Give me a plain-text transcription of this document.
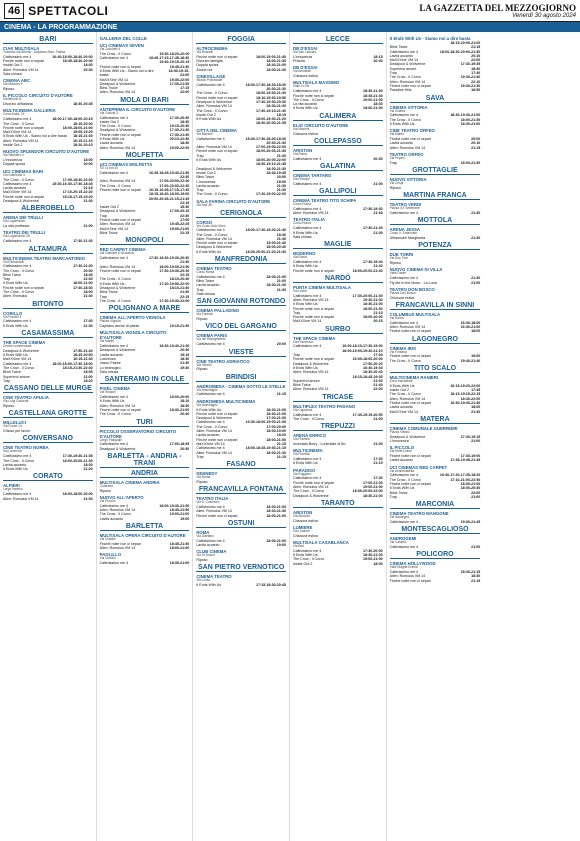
46 SPETTACOLI	LA GAZZETTA DEL MEZZOGIORNO
Venerdì 30 agosto 2024
CINEMA - LA PROGRAMMAZIONE
BARI
CIAK MULTISALA
Traversa via Bitonto - Ampiamo Bari, Palese
Cattivissimo me 4	16:40-18:00-18:40-20:00
Finché notte non ci separi	18:45-18:40-20:40
Inside Out 2	18:30
Alien: Romulus VM 14	20:30
Sala chiusa
CINEMA ABC
Via Marconi 8
Riposo
IL PICCOLO CIRCUITO D'AUTORE
Via Bitonto 8
Divorzio all'italiana	18:30-20:45
MULTICINEMA GALLERIA
Corso Italia, 15
Cattivissimo me 4	18:00-17:30-18:00-20:15
The Crow - Il Corvo	18:15-20:30
Finché notte non ci separi	18:00-18:00-21:00
MaXXXine VM 14	19:05-19:25
It Ends With Us - Siamo noi a dire basta 18:15-21:30
Alien: Romulus VM 14	16:15-21:15
Inside Out 2	18:20-20:10
NUOVO SPLENDOR CIRCUITO D'AUTORE
Via Sabotino 4
L'innocenza	18:00
Doppia sposa	20:00
UCI CINEMAS BARI
Via Giannone 4
The Crow - Il Corvo	17:05-18:30-22:30
Cattivissimo me 4	15:30-16:30-17:30-18:45
Lavita accanto	21:15
MaXXXine VM 14	17:10-20:15-22:20
Finché notte non ci separi	15:18-17:15-19:20
Deadpool & Wolverine	21:30
ALBEROBELLO
ARENA DEI TRULLI
Via Lugomarino
La vita professor	21:00
TEATRO DEI TRULLI
Via Lugomarino 28
Cattivissimo me 4	17:30-21:30
ALTAMURA
MULTICINEMA TEATRO MARCANTONIO
Via Ricciardelli
Cattivissimo me 4	17:30-21:30
The Crow - Il Corvo	20:30
Blink Twice	18:45
Trap	21:30
It Ends With Us	18:00-21:00
Finché notte non ci separi	17:40-18:30
The Crow - Il Corvo	18:00
Alien: Romulus	21:30
BITONTO
CORILLO
Via Planelli 4
Cattivissimo me 4	17:30
It Ends With Us	21:30
CASAMASSIMA
THE SPACE CINEMA
Centro commerciale
Deadpool & Wolverine	17:50-21:40
It Ends With Us	18:45-20:50
MaXXXine VM 14	16:15-21:30
Cattivissimo me 4	18:00-18:00-17:30-18:00
The Crow - Il Corvo	18:15-21:30-22:30
Blink Twice	18:35
Supereroi amore	21:00
Trap	18:20
CASSANO DELLE MURGE
CINE TEATRO APULIA
Via Luigi Cadorna
Riposo
CASTELLANA GROTTE
MILLELUCI
Via Fiume 14
Chiuso per lavori
CONVERSANO
CINE TEATRO NORBA
Via Lavenuta
Cattivissimo me 4	17:30-19:40-21:35
The Crow - Il Corvo	18:00-20:00-21:30
Lavita accanto	18:30
It Ends With Us	21:20
CORATO
ALFIERI
Largo Imperio
Cattivissimo me 4	18:00-18:00-20:00
Alien: Romulus VM 14	21:30
GALLERIA DEL COLLE
UCI CINEMAS SEVEN
Via Zucchelli 4
The Crow - Il Corvo	19:30-18:20-22:00
Cattivissimo me 4	18:45-17:15-17:45-18:30
19:30-19:15-20:15
Finché notte non ci separi	18:45-21:30
It Ends With Us - Siamo noi a dire basta
18:30-19:15-22:00
MaXXXine VM 14	19:30-22:00
Deadpool & Wolverine	17:30-21:30
Blink Twice	17:15
Alien: Romulus VM 14	22:00
MOLA DI BARI
ANTEPRIMA IL CIRCUITO D'AUTORE
Via Gorizia 3
Cattivissimo me 4	17:30-20:30
Inside Out 2	18:30
The Crow - Il Corvo	19:15-20:30
Deadpool & Wolverine	17:30-21:30
Finché notte non ci separi	17:30-21:30
It Ends With Us	20:10-22:30
Lavita accanto	18:30
Alien: Romulus VM 14	19:00-22:00
MOLFETTA
UCI CINEMAS MOLFETTA
SS 16 km 45
Cattivissimo me 4	16:45-18:45-19:40-21:30
22:30
Alien: Romulus VM 14	17:00-20:00-22:40
The Crow - Il Corvo	17:00-20:00-22:30
Finché notte non ci separi 16:15-16:45-17:15-17:45
18:15-18:30-18:00-19:00
20:00-20:45-21:15-21:45
22:15
Inside Out 2	15:30
Deadpool & Wolverine	17:00-20:15
Trap	22:30
Finché notte non ci separi	17:00
Alien: Romulus VM 14	19:45-22:25
MaXXXine VM 14	19:00-21:00
Blink Twice	22:15
MONOPOLI
RED CARPET CINEMA
Via Gabriele D'Annunzio
Cattivissimo me 4	17:30-18:30-19:30-20:30
21:30
Alien: Romulus VM 14	18:00-19:00-21:50
Finché notte non ci separi	17:30-19:30-20:30
22:15
The Crow - Il Corvo	18:10-20:40
It Ends With Us	17:20-19:50-22:00
Deadpool & Wolverine	18:10-21:30
Blink Twice	21:30
Trap	22:15
The Crow - Il Corvo	17:30-19:30-22:00
POLIGNANO A MARE
CINEMA ALL'APERTO VIGNOLA
Piazza Vignola
Capitano anche di paese	19:15-21:30
MULTISALA VIGNOLA CIRCUITO D'AUTORE
Via Martiri
Cattivissimo me 4	18:30-19:40-21:30
Deadpool & Wolverine	20:30
Lavita accanto	19:15
Lutorenza	18:30
Vasco Paese	21:30
Lo stranogiro	19:30
Sala chiusa
SANTERAMO IN COLLE
PIXEL CINEMA
Via Rossini
Cattivissimo me 4	18:00-20:00
It Ends With Us	18:10
Alien: Romulus VM 14	18:30
Finché notte non ci separi	18:30-21:00
The Crow - Il Corvo	20:40
TURI
PICCOLO OSSERVATORIO CIRCUITO D'AUTORE
Largo Pasquale
Cattivissimo me 4	17:00-18:45
Deadpool & Wolverine	20:30
BARLETTA - ANDRIA - TRANI
ANDRIA
MULTISALA CINEMA ANDRIA
Contrada
Riposo
NUOVO ALL'APERTO
Via Puccini
Cattivissimo me 4	18:00-19:30-21:50
Alien: Romulus VM 14	18:45-21:50
The Crow - Il Corvo	19:00-21:00
Lavita accanto	19:00
BARLETTA
MULTISALA OPERA CIRCUITO D'AUTORE
Via Cialdini
Finché notte non ci separi	18:45-21:30
Alien: Romulus VM 14	18:00-21:00
PAOLILLO
Via Cialdini
Cattivissimo me 4	18:30-21:00
FOGGIA
ALTROCINEMA
Via Ruscelli
Finché notte non ci separi	18:00-19:00-21:40
Divorzio famiglia	18:00-21:30
Doppia sposa	18:40-21:00
Anche noi	18:00-21:30
CINEVILLAGE
Strada Provinciale
Cattivissimo me 4	18:30-17:30-18:30-18:30
20:30-21:30
The Crow - Il Corvo	18:00-19:30-21:30
Finché notte non ci separi	18:10-19:30-19:50
Deadpool & Wolverine	17:40-19:30-20:30
Alien: Romulus VM 14	18:30-21:30
The Crow - Il Corvo	17:30-19:15-21:40
Inside Out 2	18:15
It Ends With Us	18:00-19:30-21:20
18:30-20:00-21:35
CITTÀ DEL CINEMA
Via Mazzini
Cattivissimo me 4	18:30-17:30-18:30-18:30
20:30-21:30
Alien: Romulus VM 14	17:00-19:00-22:00
Finché notte non ci separi	18:00-20:00-21:30
Trap	21:30
It Ends With Us	18:00-20:00-22:00
18:30-19:10-21:45
Deadpool & Wolverine	18:30-21:30
Inside Out 2	18:40-19:45
Blink Twice	20:50
L'innocenza	18:00
Lavita accanto	21:30
Trap	21:30
The Crow - Il Corvo	17:20-19:00-22:00
SALA FARINA CIRCUITO D'AUTORE
Via Arpi 38
CERIGNOLA
CORSO
Via Corso Aldo Moro
Cattivissimo me 4	18:00-17:40-19:40-21:40
The Crow - Il Corvo	18:30
Alien: Romulus VM 14	21:40
Finché notte non ci separi	19:00-21:40
Deadpool & Wolverine	18:00-20:40
It Ends With Us	18:30-20:00-21:20-21:40
MANFREDONIA
CINEMA TEATRO
Corso Roma
Cattivissimo me 4	18:00-21:00
Blink Twice	21:00
Lavita accanto	18:30-21:30
Trap	21:30
Sala chiusa
SAN GIOVANNI ROTONDO
CINEMA PALLADINO
Via Foresta
Riposo
VICO DEL GARGANO
CINEMA PARIS
Via del Risorgimento
Cattivissimo me 4	20:00
VIESTE
CINE TEATRO ADRIATICO
Via Veneto
Riposo
BRINDISI
ANDROMEDA - CINEMA SOTTO LE STELLE
Via Ammiraglio
Cattivissimo me 4	21:15
ANDROMEDA MULTICINEMA
Via Ammiraglio
It Ends With Us	18:30-21:00
Finché notte non ci separi	18:30-21:00
Deadpool & Wolverine	17:00-21:00
Cattivissimo me 4	16:30-18:00-19:00-21:30
The Crow - Il Corvo	17:00-20:00
Alien: Romulus VM 14	18:00-19:00
Lavita accanto	18:20
Finché notte non ci separi	18:00-21:00
MaXXXine VM 14	21:15
Cattivissimo me 4	18:00-18:45-19:30-21:15
Alien: Romulus VM 14	18:00-21:30
Trap	21:15
FASANO
KENNEDY
Via Roma
Riposo
FRANCAVILLA FONTANA
TEATRO ITALIA
Via S. Cristoforo
Cattivissimo me 4	18:00-21:00
Alien: Romulus VM 14	18:30-21:30
Finché notte non ci separi	18:00-21:00
OSTUNI
ROMA
Via Gaetano
Cattivissimo me 4	18:00-21:00
Lavita accanto	19:00
CLUB CINEMA
Via Di Nuzzo
Riposo
SAN PIETRO VERNOTICO
CINEMA TEATRO
Via Corso
It Ends With Us	17:15-18:30-20:45
LECCE
DB D'ESSAI
Via San Lazzaro
L'innocenza	18:15
Prisulla	20:30
DB D'ESSAI
Via Ammirati
Chiusura estiva
MULTISALA MASSIMO
Viale Lo Re
Cattivissimo me 4	18:30-21:30
Finché notte non ci separi	18:45-21:30
The Crow - Il Corvo	19:00-21:00
La vita accanto	18:30
It Ends With Us	18:00-21:00
CALIMERA
ELIO CIRCUITO D'AUTORE
Via Mazzini
Chiusura estiva
COLLEPASSO
ARISTON
Via Roma
Cattivissimo me 4	20:30
GALATINA
CINEMA TARTARO
Via Principe
Cattivissimo me 4	21:00
GALLIPOLI
CINEMA TEATRO TITO SCHIPA
Corso Roma
Cattivissimo me 4	17:30-19:30
Alien: Romulus VM 14	21:30
TEATRO ITALIA
Corso Roma
Cattivissimo me 4	17:30-21:45
It Ends With Us	21:00
Sala chiusa
MAGLIE
MODERNO
Via Roma
Cattivissimo me 4	17:40-19:40
It Ends With Us	21:40
Finché notte non ci separi	18:00-20:00-21:40
NARDÒ
PUNTA CINEMA MULTISALA
Via Lecce
Cattivissimo me 4	17:30-20:00-21:30
Alien: Romulus VM 14	19:30-21:30
It Ends With Us	18:30-21:00
Finché notte non ci separi	18:00-21:30
Trap	21:15
Finché notte non ci separi	18:00-20:00
MaXXXine VM 14	20:15
SURBO
THE SPACE CINEMA
Via Francesco
Cattivissimo me 4	16:00-18:10-17:30-19:30
18:00-19:00-19:40-21:10
Trap	17:30
Finché notte non ci separi	16:00-18:00-20:00
Deadpool & Wolverine	17:50-20:20
It Ends With Us	16:40-19:30
Alien: Romulus VM 14	18:30-20:40
18:15-18:45-19:30
Supereroi amore	21:00
Blink Twice	21:40
Alien: Romulus VM 14	22:00
TRICASE
MULTIPLEX TEATRO PADANO
Via Caprarica
Cattivissimo me 4	17:40-19:15-20:50
The Crow - Il Corvo	21:00
TREPUZZI
ARENA ENRICO
Via Piavella
Inventato Borry - Lorientale di Bo	21:00
MULTICINEMA
Via Piavella
Cattivissimo me 4	17:30
It Ends With Us	21:15
PARADISO
Via Ruggiero
Cattivissimo me 4	17:30
Finché notte non ci separi	17:00-21:30
Alien: Romulus VM 14	19:00-21:00
The Crow - Il Corvo	18:00-20:00-22:00
Deadpool & Wolverine	18:30-21:00
TARANTO
ARISTON
Via Abruzzo
Chiusura estiva
LUMIERE
Via Lucania
Chiusura estiva
MULTISALA CASABLANCA
Via Bari
Cattivissimo me 4	17:30-20:00
It Ends With Us	18:30-21:30
The Crow - Il Corvo	19:00-21:00
Inside Out 2	18:00
It Ends With Us - Siamo noi a dire basta
18:15-20:00-21:00
Blink Twice	21:15
Cattivissimo me 4	18:00-18:30-20:00-21:30
Lavita accanto	20:10
MaXXXine VM 14	22:00
Deadpool & Wolverine	17:30-19:35
Supereroi amore	18:30
Trap	17:30
The Crow - Il Corvo	19:30-21:30
Alien: Romulus VM 14	22:10
Finché notte non ci separi	19:30-21:30
Paradise Hills	18:50
SAVA
CINEMA VITTORIA
Via Sciarra
Cattivissimo me 4	18:30-19:30-21:00
The Crow - Il Corvo	18:00-21:30
It Ends With Us	18:30-21:00
CINE TEATRO ORFEO
Via Martiri
Finché notte non ci separi	20:00
Lavita accanto	20:10
Alien: Romulus VM 14	21:15
TEATRO ORFEO
Via Pupino
Trap	18:00-21:30
GROTTAGLIE
NUOVO VITTORIA
Via Crispi
Riposo
MARTINA FRANCA
TEATRO VERDI
Piazza XX Settembre
Cattivissimo me 4	21:30
MOTTOLA
ARENA JESSA
Corso V. Emanuele
Ultramodel Margherita	21:30
POTENZA
DUE TORRI
Via Due Torri
Riposo
NUOVO CINEMA DI VILLA
Viale Dante
Cattivissimo me 4	21:30
Fly Me to the Moon - La Luna	21:00
TEATRO DON BOSCO
Piazza Don Bosco
Chiusura estiva
FRANCAVILLA IN SINNI
COLUMBUS MULTISALA
Via Roma
Cattivissimo me 4	16:30-18:00
Alien: Romulus VM 14	16:30-21:00
Finché notte non ci separi	18:00
LAGONEGRO
CINEMA IRIS
Via Fontana
Finché notte non ci separi	19:00
The Crow - Il Corvo	19:40-21:40
TITO SCALO
MULTICINEMA RANIERI
Zona Industriale
It Ends With Us	16:15-19:20-22:00
Inside Out 2	17:45
The Crow - Il Corvo	18:15-19:15-22:15
Alien: Romulus VM 14	18:40-22:00
Finché notte non ci separi	16:30-19:30-21:30
Lavita accanto	18:00
MaXXXine VM 14	21:40
MATERA
CINEMA COMUNALE GUERRIERI
Piazza Vittorio
Deadpool & Wolverine	17:30-19:15
L'innocenza	21:00
IL PICCOLO
Via Sette Dolori
Finché notte non ci separi	17:30-19:00
Lavita accanto	17:45-19:45-21:45
UCI CINEMAS RED CARPET
Via Annunziatella
Cattivissimo me 4	16:40-17:20-17:45-18:20
The Crow - Il Corvo	17:10-21:00-22:30
Finché notte non ci separi	18:30-21:00
It Ends With Us	18:00-20:30
Blink Twice	22:00
Trap	21:00
MARCONIA
CINEMA TEATRO MANGONE
Via Sardegna
Cattivissimo me 4	19:00-21:45
MONTESCAGLIOSO
ANDROGEMI
Via Castello
Cattivissimo me 4	21:00
POLICORO
CINEMA HOLLYWOOD
Viale Magna Grecia
Cattivissimo me 4	18:30-21:15
Alien: Romulus VM 14	18:30
Finché notte non ci separi	21:15
